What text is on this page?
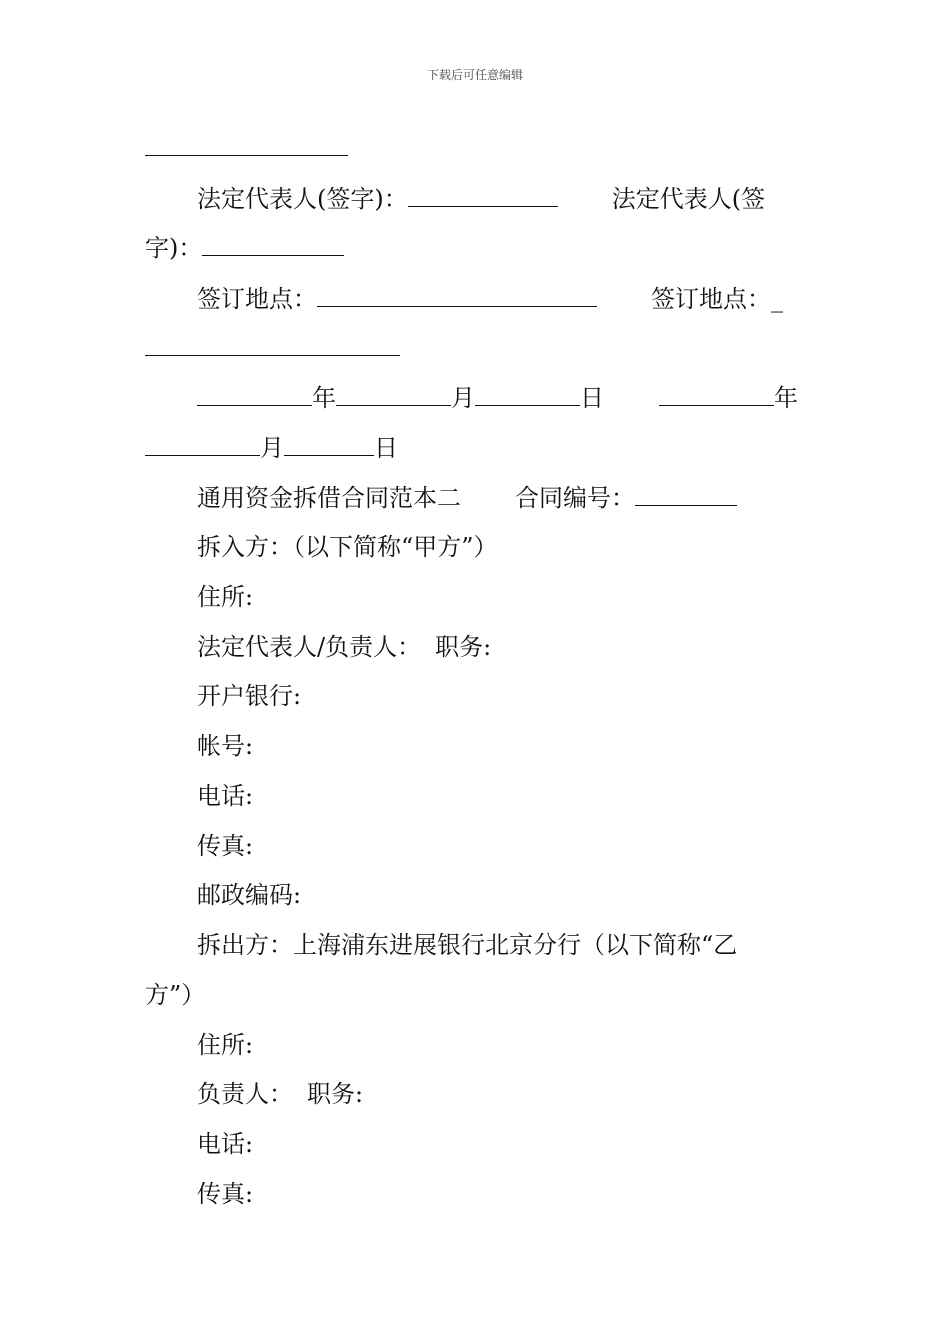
下载后可任意编辑
法定代表人(签字)：	法定代表人(签
字)：
签订地点：	签订地点：_
年	月	日	年
月	日
通用资金拆借合同范本二 合同编号：
拆入方：（以下简称“甲方”）
住所:
法定代表人/负责人： 职务:
开户银行:
帐号:
电话:
传真:
邮政编码:
拆出方：上海浦东进展银行北京分行（以下简称“乙
方”）
住所:
负责人： 职务:
电话:
传真:
